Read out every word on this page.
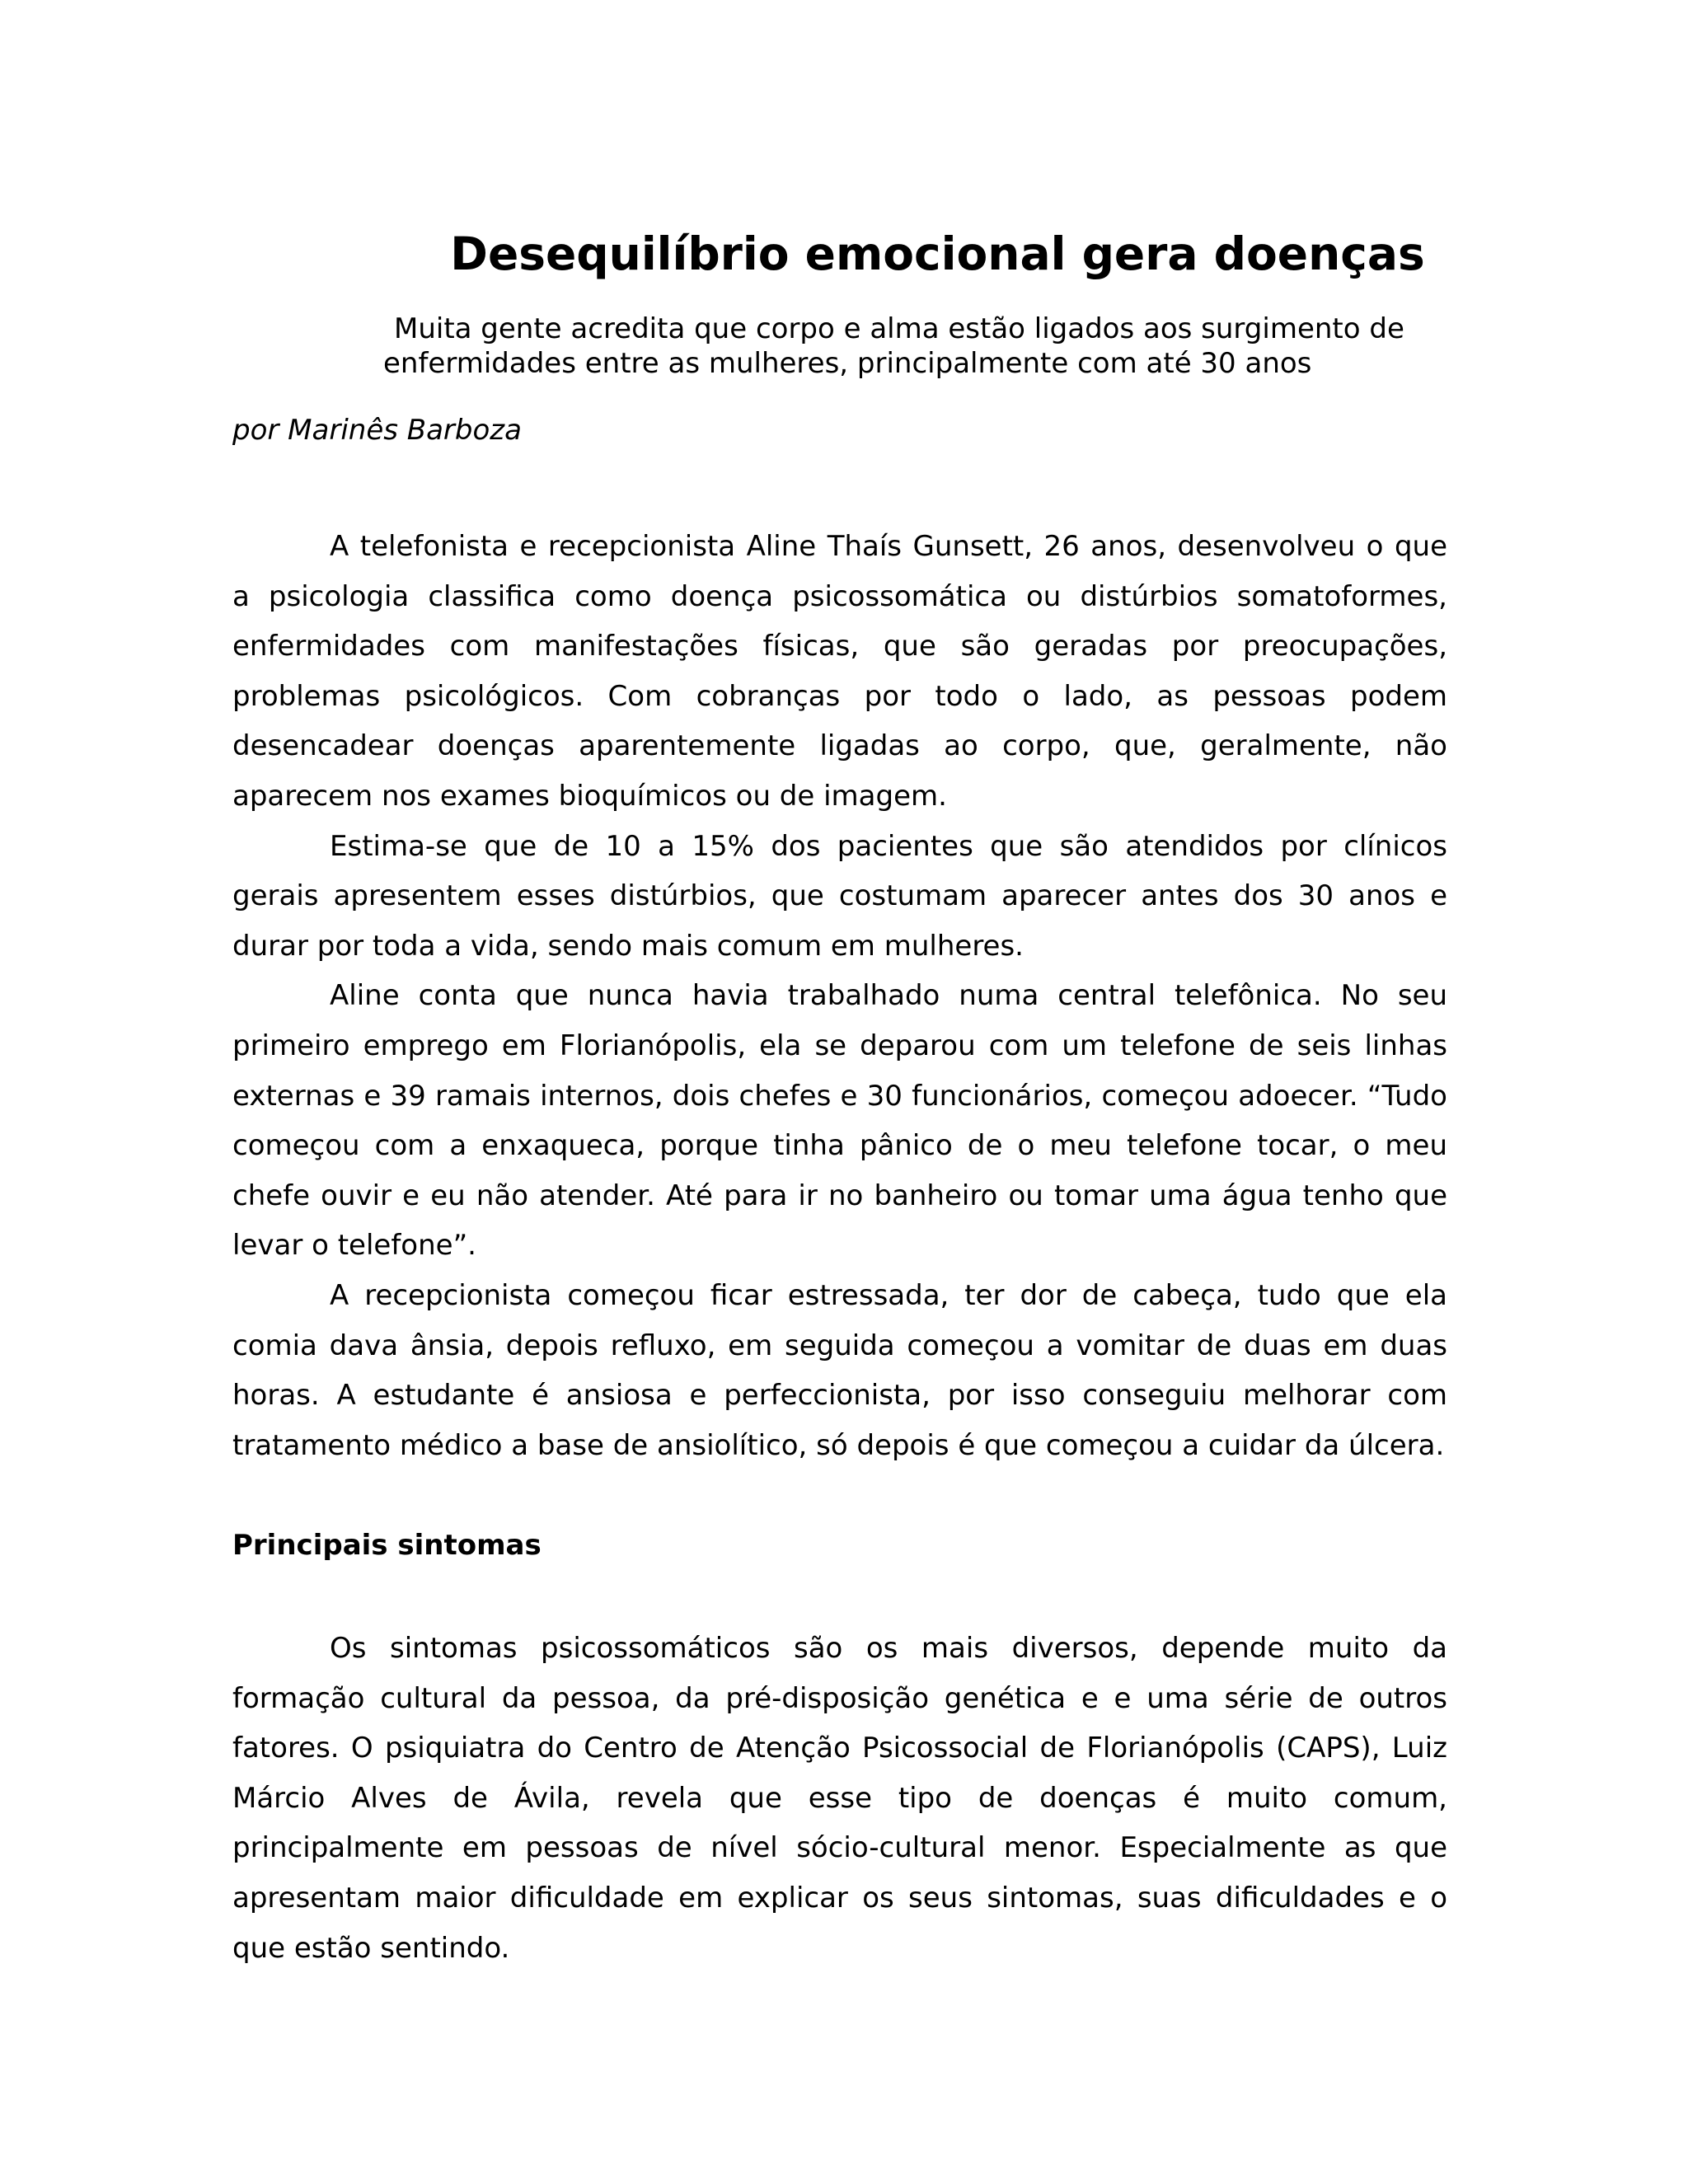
Desequilíbrio emocional gera doenças
Muita gente acredita que corpo e alma estão ligados aos surgimento de
enfermidades entre as mulheres, principalmente com até 30 anos

por Marinês Barboza

A telefonista e recepcionista Aline Thaís Gunsett, 26 anos, desenvolveu o que a psicologia classifica como doença psicossomática ou distúrbios somatoformes, enfermidades com manifestações físicas, que são geradas por preocupações, problemas psicológicos. Com cobranças por todo o lado, as pessoas podem desencadear doenças aparentemente ligadas ao corpo, que, geralmente, não aparecem nos exames bioquímicos ou de imagem.

Estima-se que de 10 a 15% dos pacientes que são atendidos por clínicos gerais apresentem esses distúrbios, que costumam aparecer antes dos 30 anos e durar por toda a vida, sendo mais comum em mulheres.

Aline conta que nunca havia trabalhado numa central telefônica. No seu primeiro emprego em Florianópolis, ela se deparou com um telefone de seis linhas externas e 39 ramais internos, dois chefes e 30 funcionários, começou adoecer. “Tudo começou com a enxaqueca, porque tinha pânico de o meu telefone tocar, o meu chefe ouvir e eu não atender. Até para ir no banheiro ou tomar uma água tenho que levar o telefone”.

A recepcionista começou ficar estressada, ter dor de cabeça, tudo que ela comia dava ânsia, depois refluxo, em seguida começou a vomitar de duas em duas horas. A estudante é ansiosa e perfeccionista, por isso conseguiu melhorar com tratamento médico a base de ansiolítico, só depois é que começou a cuidar da úlcera.

Principais sintomas

Os sintomas psicossomáticos são os mais diversos, depende muito da formação cultural da pessoa, da pré-disposição genética e e uma série de outros fatores. O psiquiatra do Centro de Atenção Psicossocial de Florianópolis (CAPS), Luiz Márcio Alves de Ávila, revela que esse tipo de doenças é muito comum, principalmente em pessoas de nível sócio-cultural menor. Especialmente as que apresentam maior dificuldade em explicar os seus sintomas, suas dificuldades e o que estão sentindo.
